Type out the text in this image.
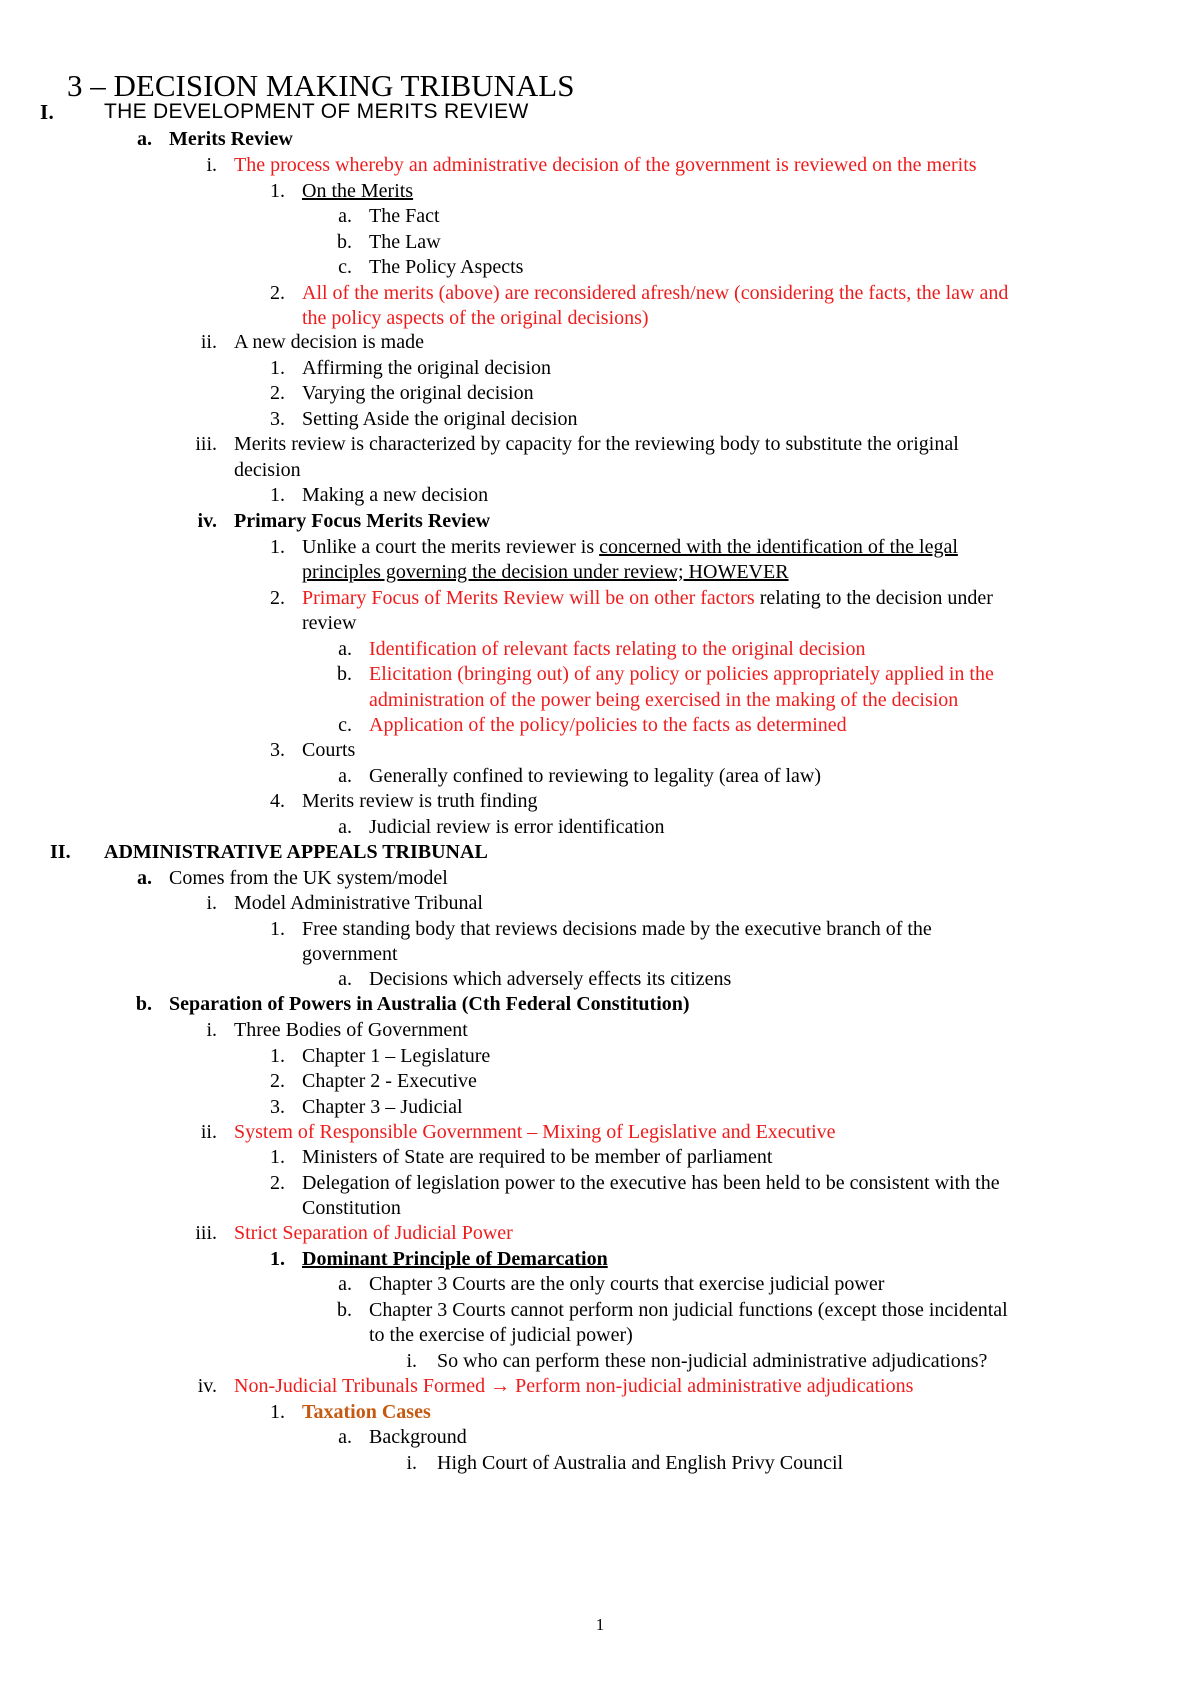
3 – DECISION MAKING TRIBUNALS
I.	THE DEVELOPMENT OF MERITS REVIEW
a. Merits Review
i. The process whereby an administrative decision of the government is reviewed on the merits
1. On the Merits
a. The Fact
b. The Law
c. The Policy Aspects
2. All of the merits (above) are reconsidered afresh/new (considering the facts, the law and
the policy aspects of the original decisions)
ii. A new decision is made
1. Affirming the original decision
2. Varying the original decision
3. Setting Aside the original decision
iii. Merits review is characterized by capacity for the reviewing body to substitute the original
decision
1. Making a new decision
iv. Primary Focus Merits Review
1. Unlike a court the merits reviewer is concerned with the identification of the legal
principles governing the decision under review; HOWEVER
2. Primary Focus of Merits Review will be on other factors relating to the decision under
review
a. Identification of relevant facts relating to the original decision
b. Elicitation (bringing out) of any policy or policies appropriately applied in the
administration of the power being exercised in the making of the decision
c. Application of the policy/policies to the facts as determined
3. Courts
a. Generally confined to reviewing to legality (area of law)
4. Merits review is truth finding
a. Judicial review is error identification
II.	ADMINISTRATIVE APPEALS TRIBUNAL
a. Comes from the UK system/model
i. Model Administrative Tribunal
1. Free standing body that reviews decisions made by the executive branch of the
government
a. Decisions which adversely effects its citizens
b. Separation of Powers in Australia (Cth Federal Constitution)
i. Three Bodies of Government
1. Chapter 1 – Legislature
2. Chapter 2 - Executive
3. Chapter 3 – Judicial
ii. System of Responsible Government – Mixing of Legislative and Executive
1. Ministers of State are required to be member of parliament
2. Delegation of legislation power to the executive has been held to be consistent with the
Constitution
iii. Strict Separation of Judicial Power
1. Dominant Principle of Demarcation
a. Chapter 3 Courts are the only courts that exercise judicial power
b. Chapter 3 Courts cannot perform non judicial functions (except those incidental
to the exercise of judicial power)
i. So who can perform these non-judicial administrative adjudications?
iv. Non-Judicial Tribunals Formed → Perform non-judicial administrative adjudications
1. Taxation Cases
a. Background
i. High Court of Australia and English Privy Council
1
